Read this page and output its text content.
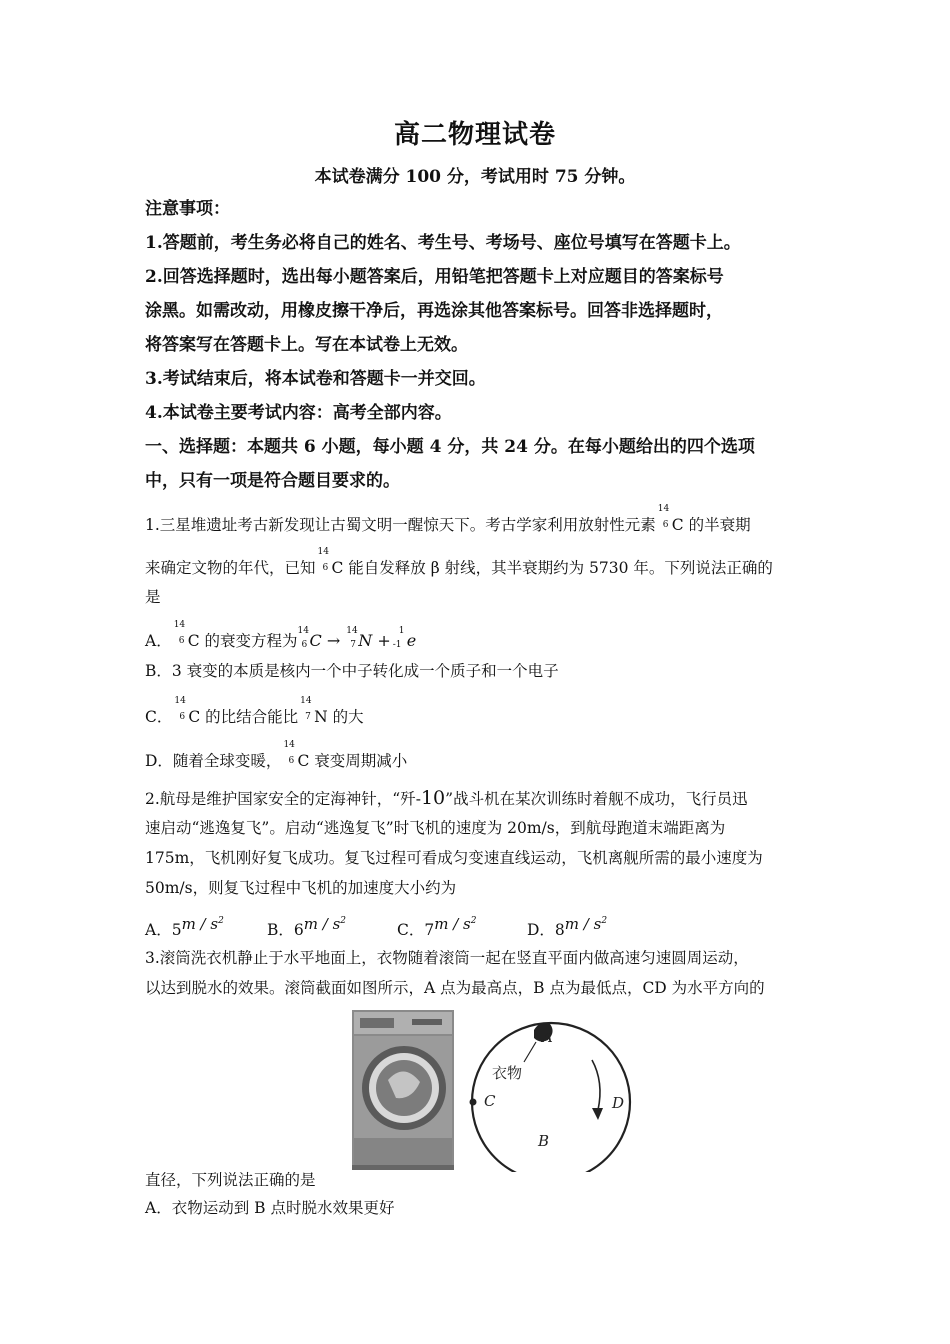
高二物理试卷
本试卷满分 100 分，考试用时 75 分钟。
注意事项：
1.答题前，考生务必将自己的姓名、考生号、考场号、座位号填写在答题卡上。
2.回答选择题时，选出每小题答案后，用铅笔把答题卡上对应题目的答案标号
涂黑。如需改动，用橡皮擦干净后，再选涂其他答案标号。回答非选择题时，
将答案写在答题卡上。写在本试卷上无效。
3.考试结束后，将本试卷和答题卡一并交回。
4.本试卷主要考试内容：高考全部内容。
一、选择题：本题共 6 小题，每小题 4 分，共 24 分。在每小题给出的四个选项
中，只有一项是符合题目要求的。
1.三星堆遗址考古新发现让古蜀文明一醒惊天下。考古学家利用放射性元素
14
6 C 的半衰期
来确定文物的年代，已知
14
6 C 能自发释放 β 射线，其半衰期约为 5730 年。下列说法正确的
是
A．
14
6 C 的衰变方程为
14
6 C → 14
7 N + 1
-1 e
B．3 衰变的本质是核内一个中子转化成一个质子和一个电子
C．
14
6 C 的比结合能比
14
7 N 的大
D．随着全球变暖，
14
6 C 衰变周期减小
2.航母是维护国家安全的定海神针，“歼-10”战斗机在某次训练时着舰不成功，飞行员迅
速启动“逃逸复飞”。启动“逃逸复飞”时飞机的速度为 20m/s，到航母跑道末端距离为
175m，飞机刚好复飞成功。复飞过程可看成匀变速直线运动，飞机离舰所需的最小速度为
50m/s，则复飞过程中飞机的加速度大小约为
A．$5m / s^2$	B．$6m / s^2$	C．$7m / s^2$	D．$8m / s^2$
3.滚筒洗衣机静止于水平地面上，衣物随着滚筒一起在竖直平面内做高速匀速圆周运动，
以达到脱水的效果。滚筒截面如图所示，A 点为最高点，B 点为最低点，CD 为水平方向的
A
衣物
C	D
B
直径，下列说法正确的是
A．衣物运动到 B 点时脱水效果更好
